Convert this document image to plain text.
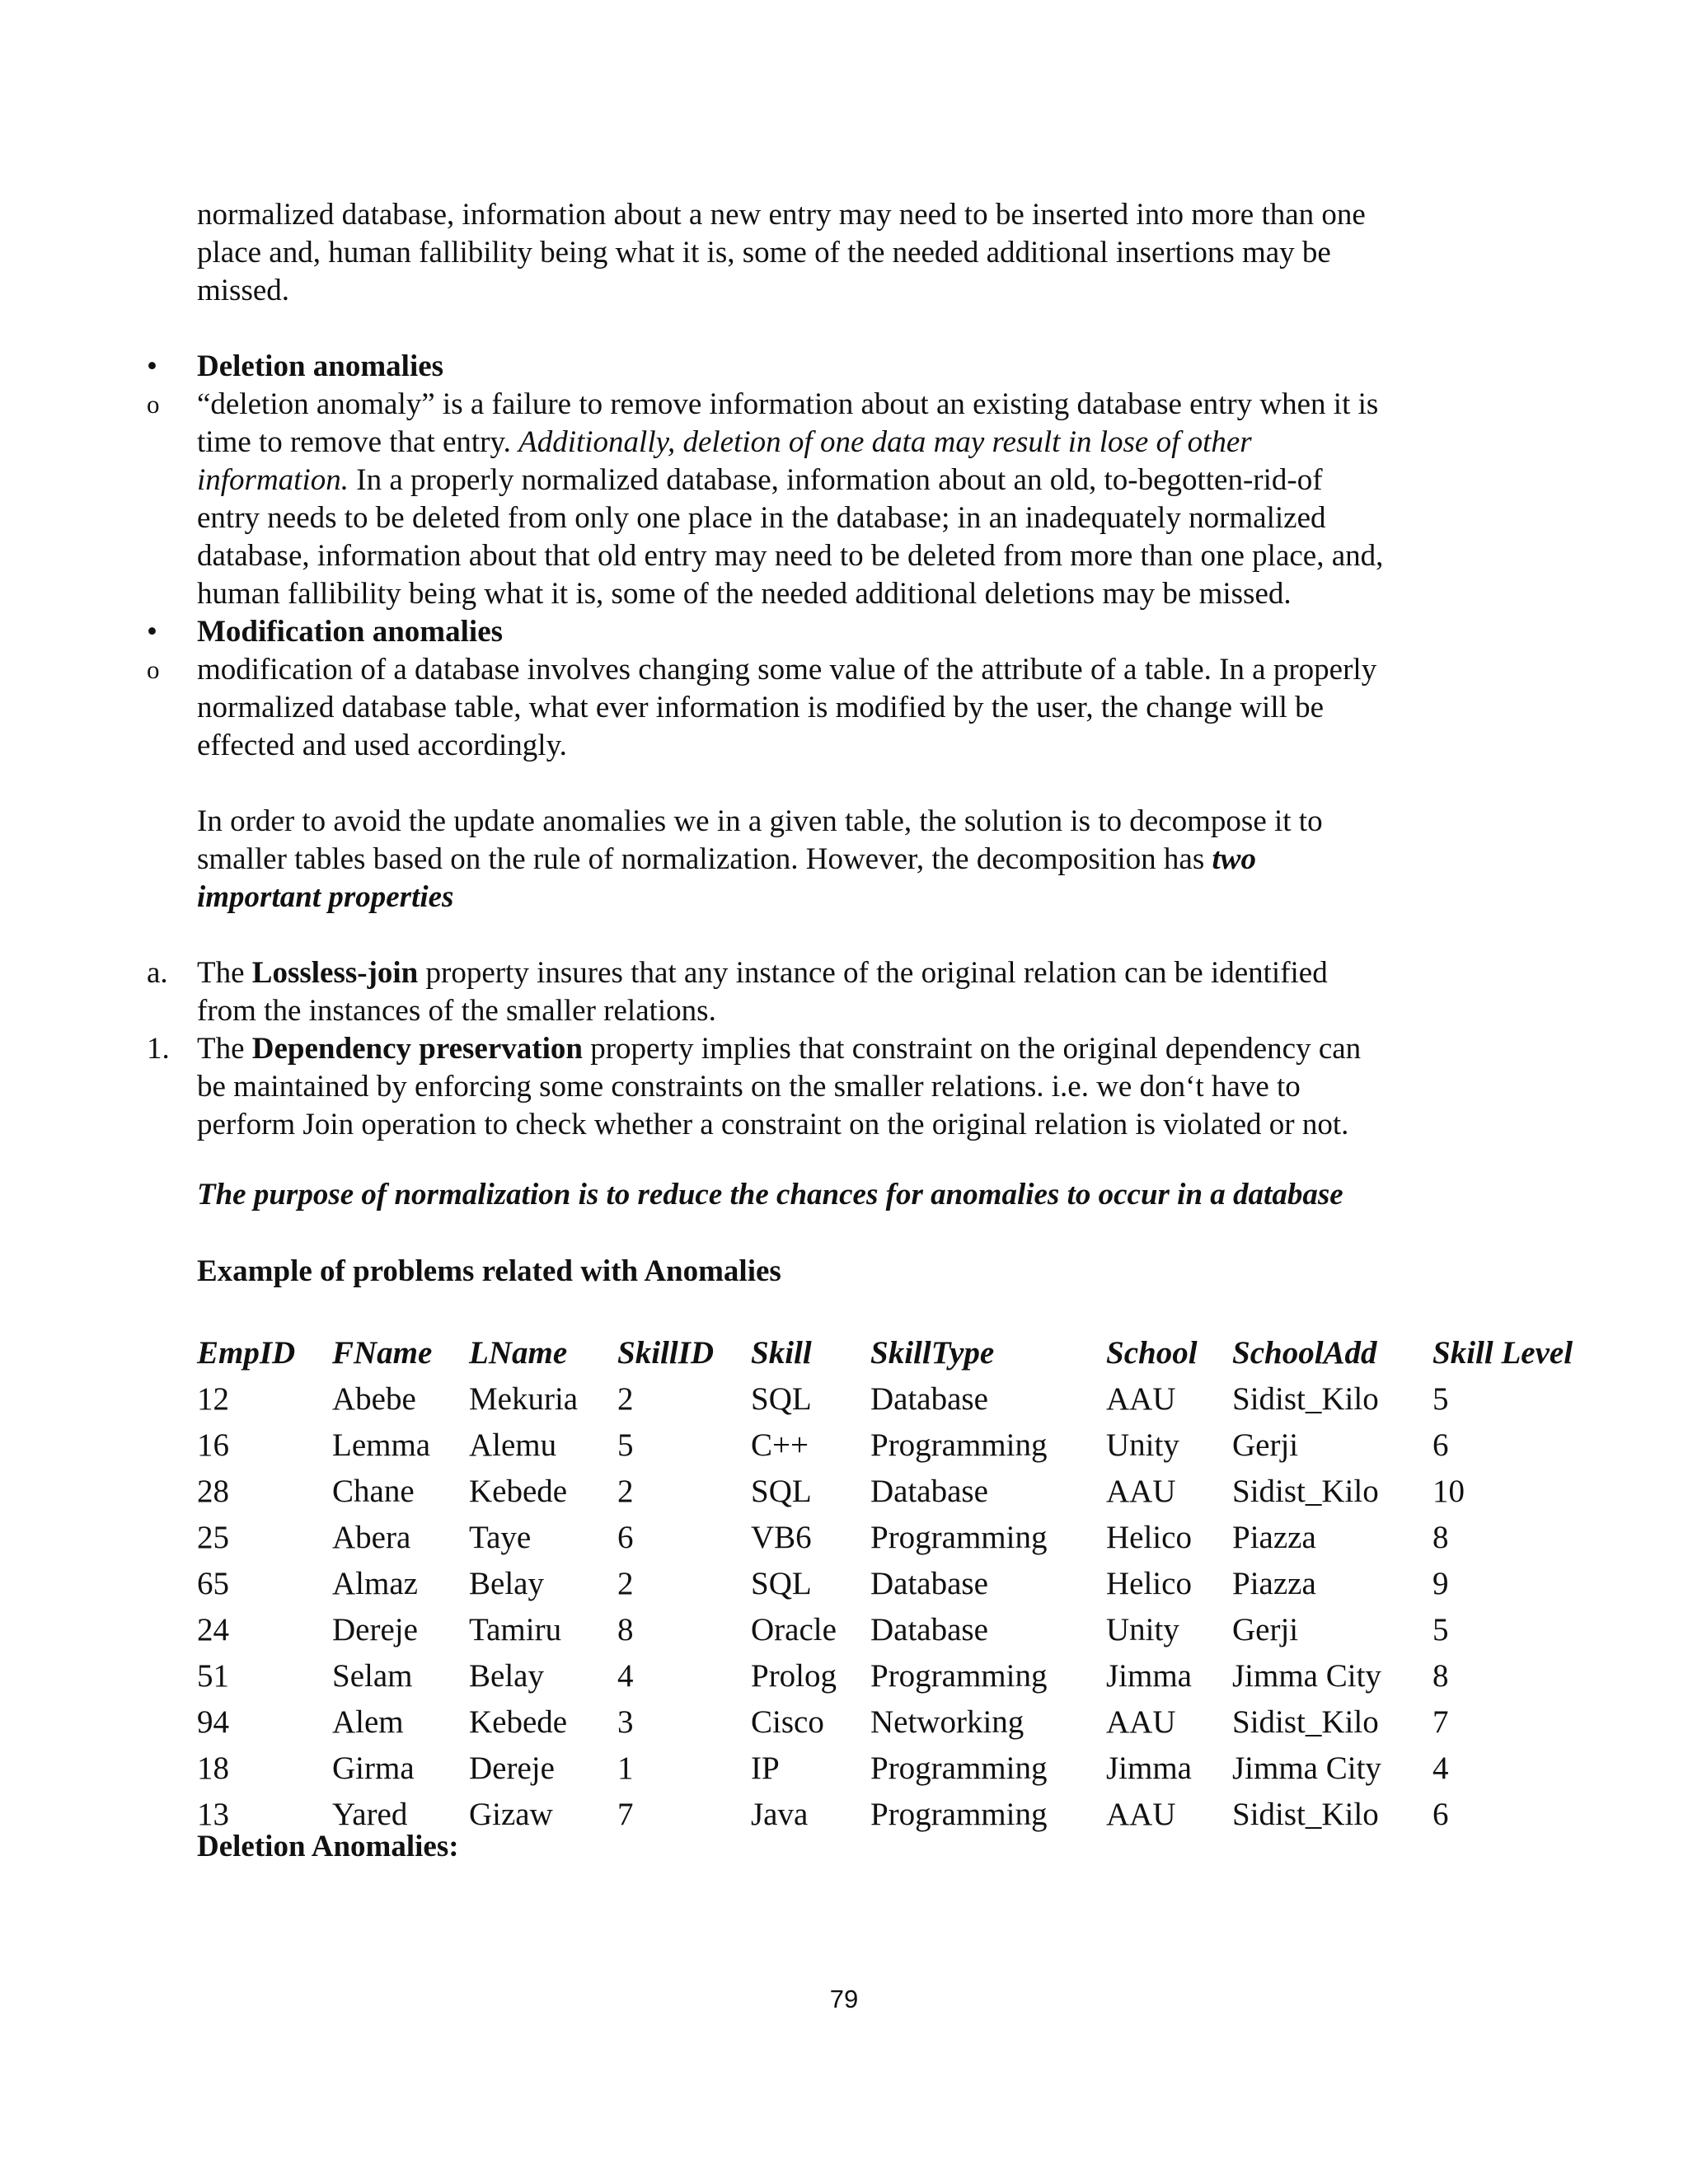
normalized database, information about a new entry may need to be inserted into more than one

place and, human fallibility being what it is, some of the needed additional insertions may be

missed.

• Deletion anomalies

o “deletion anomaly” is a failure to remove information about an existing database entry when it is

time to remove that entry. Additionally, deletion of one data may result in lose of other

information. In a properly normalized database, information about an old, to-begotten-rid-of

entry needs to be deleted from only one place in the database; in an inadequately normalized

database, information about that old entry may need to be deleted from more than one place, and,

human fallibility being what it is, some of the needed additional deletions may be missed.

• Modification anomalies

o modification of a database involves changing some value of the attribute of a table. In a properly

normalized database table, what ever information is modified by the user, the change will be

effected and used accordingly.

In order to avoid the update anomalies we in a given table, the solution is to decompose it to

smaller tables based on the rule of normalization. However, the decomposition has two

important properties

a. The Lossless-join property insures that any instance of the original relation can be identified

from the instances of the smaller relations.

1. The Dependency preservation property implies that constraint on the original dependency can

be maintained by enforcing some constraints on the smaller relations. i.e. we don‘t have to

perform Join operation to check whether a constraint on the original relation is violated or not.

The purpose of normalization is to reduce the chances for anomalies to occur in a database

Example of problems related with Anomalies

EmpID	FName	LName	SkillID	Skill	SkillType	School	SchoolAdd	Skill Level
12	Abebe	Mekuria	2	SQL	Database	AAU	Sidist_Kilo	5
16	Lemma	Alemu	5	C++	Programming	Unity	Gerji	6
28	Chane	Kebede	2	SQL	Database	AAU	Sidist_Kilo	10
25	Abera	Taye	6	VB6	Programming	Helico	Piazza	8
65	Almaz	Belay	2	SQL	Database	Helico	Piazza	9
24	Dereje	Tamiru	8	Oracle	Database	Unity	Gerji	5
51	Selam	Belay	4	Prolog	Programming	Jimma	Jimma City	8
94	Alem	Kebede	3	Cisco	Networking	AAU	Sidist_Kilo	7
18	Girma	Dereje	1	IP	Programming	Jimma	Jimma City	4
13	Yared	Gizaw	7	Java	Programming	AAU	Sidist_Kilo	6

Deletion Anomalies:

79
